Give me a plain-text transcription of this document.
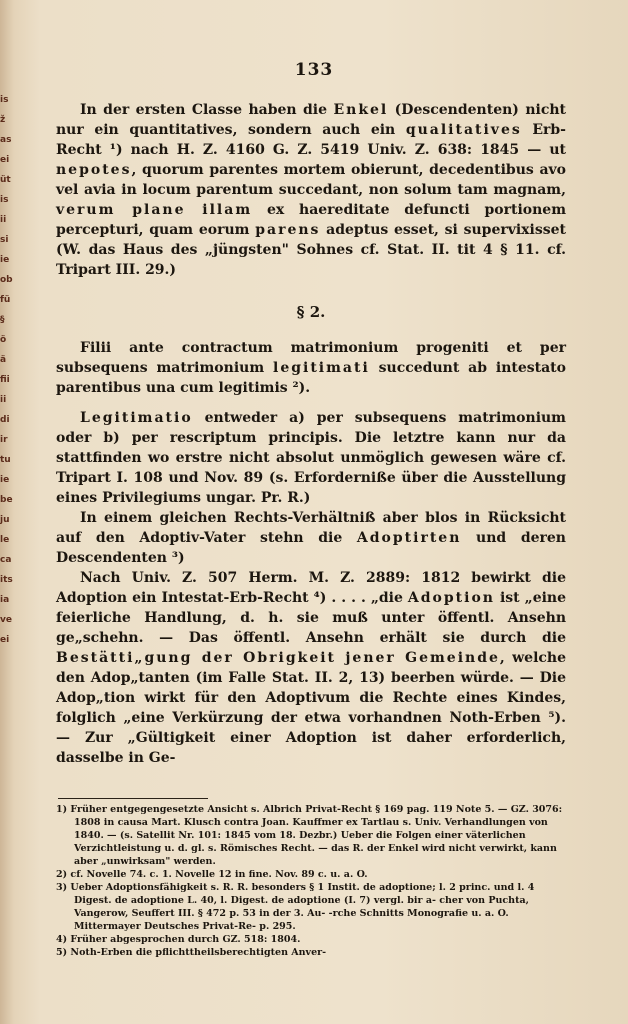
is
ž
as
ei
üt
is
ii
si
ie
ob
fü
§
ö
ä
fii
ii
di
ir
tu
ie
be
ju
le
ca
its
ia
ve
ei
133

In der ersten Classe haben die Enkel (Descendenten) nicht nur ein quantitatives, sondern auch ein qualitatives Erb-Recht ¹) nach H. Z. 4160 G. Z. 5419 Univ. Z. 638: 1845 — ut nepotes, quorum parentes mortem obierunt, decedentibus avo vel avia in locum parentum succedant, non solum tam magnam, verum plane illam ex haereditate defuncti portionem percepturi, quam eorum parens adeptus esset, si supervixisset (W. das Haus des „jüngsten" Sohnes cf. Stat. II. tit 4 § 11. cf. Tripart III. 29.)

§ 2.

Filii ante contractum matrimonium progeniti et per subsequens matrimonium legitimati succedunt ab intestato parentibus una cum legitimis ²).

Legitimatio entweder a) per subsequens matrimonium oder b) per rescriptum principis. Die letztre kann nur da stattfinden wo erstre nicht absolut unmöglich gewesen wäre cf. Tripart I. 108 und Nov. 89 (s. Erforderniße über die Ausstellung eines Privilegiums ungar. Pr. R.)

In einem gleichen Rechts-Verhältniß aber blos in Rücksicht auf den Adoptiv-Vater stehn die Adoptirten und deren Descendenten ³)

Nach Univ. Z. 507 Herm. M. Z. 2889: 1812 bewirkt die Adoption ein Intestat-Erb-Recht ⁴) . . . . „die Adoption ist „eine feierliche Handlung, d. h. sie muß unter öffentl. Ansehn ge„schehn. — Das öffentl. Ansehn erhält sie durch die Bestätti„gung der Obrigkeit jener Gemeinde, welche den Adop„tanten (im Falle Stat. II. 2, 13) beerben würde. — Die Adop„tion wirkt für den Adoptivum die Rechte eines Kindes, folglich „eine Verkürzung der etwa vorhandnen Noth-Erben ⁵). — Zur „Gültigkeit einer Adoption ist daher erforderlich, dasselbe in Ge-

1) Früher entgegengesetzte Ansicht s. Albrich Privat-Recht § 169 pag. 119 Note 5. — GZ. 3076: 1808 in causa Mart. Klusch contra Joan. Kauffmer ex Tartlau s. Univ. Verhandlungen von 1840. — (s. Satellit Nr. 101: 1845 vom 18. Dezbr.) Ueber die Folgen einer väterlichen Verzichtleistung u. d. gl. s. Römisches Recht. — das R. der Enkel wird nicht verwirkt, kann aber „unwirksam" werden.

2) cf. Novelle 74. c. 1. Novelle 12 in fine. Nov. 89 c. u. a. O.

3) Ueber Adoptionsfähigkeit s. R. R. besonders § 1 Instit. de adoptione; l. 2 princ. und l. 4 Digest. de adoptione L. 40, l. Digest. de adoptione (I. 7) vergl. bir a- cher von Puchta, Vangerow, Seuffert III. § 472 p. 53 in der 3. Au- -rche Schnitts Monografie u. a. O. Mittermayer Deutsches Privat-Re- p. 295.

4) Früher abgesprochen durch GZ. 518: 1804.

5) Noth-Erben die pflichttheilsberechtigten Anver-
